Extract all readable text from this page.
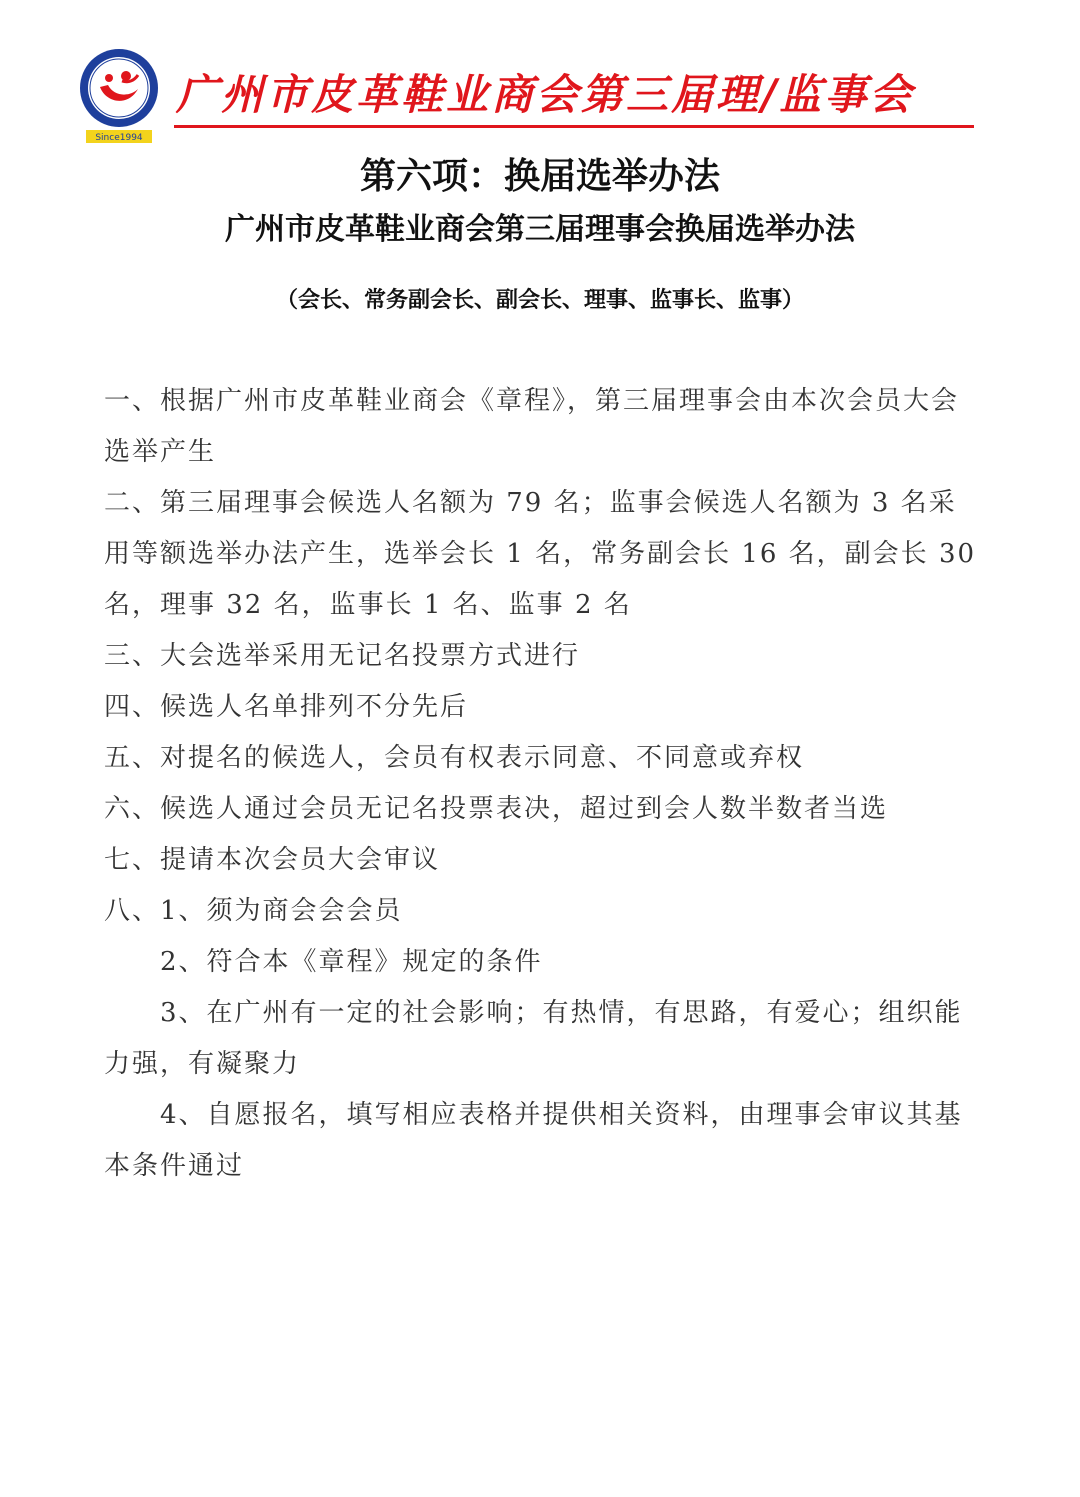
Since1994
广州市皮革鞋业商会第三届理/监事会
第六项：换届选举办法
广州市皮革鞋业商会第三届理事会换届选举办法
（会长、常务副会长、副会长、理事、监事长、监事）

一、根据广州市皮革鞋业商会《章程》，第三届理事会由本次会员大会选举产生

二、第三届理事会候选人名额为 79 名；监事会候选人名额为 3 名采用等额选举办法产生，选举会长 1 名，常务副会长 16 名，副会长 30 名，理事 32 名，监事长 1 名、监事 2 名

三、大会选举采用无记名投票方式进行

四、候选人名单排列不分先后

五、对提名的候选人，会员有权表示同意、不同意或弃权

六、候选人通过会员无记名投票表决，超过到会人数半数者当选

七、提请本次会员大会审议

八、1、须为商会会会员

2、符合本《章程》规定的条件

3、在广州有一定的社会影响；有热情，有思路，有爱心；组织能力强，有凝聚力

4、自愿报名，填写相应表格并提供相关资料，由理事会审议其基本条件通过
